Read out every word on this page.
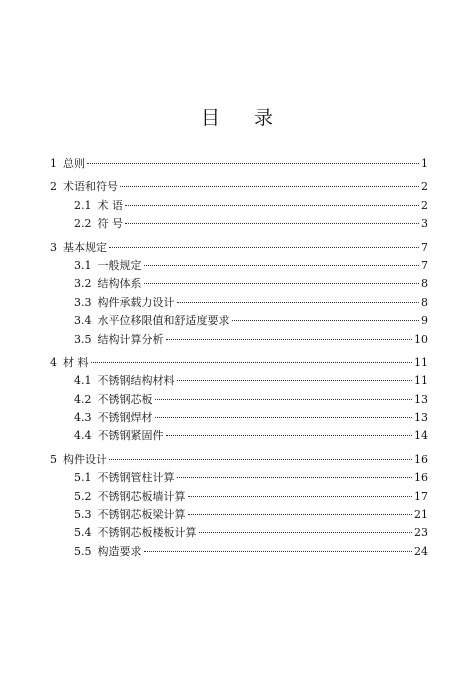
目 录
1 总则	1
2 术语和符号	2
2.1 术 语	2
2.2 符 号	3
3 基本规定	7
3.1 一般规定	7
3.2 结构体系	8
3.3 构件承载力设计	8
3.4 水平位移限值和舒适度要求	9
3.5 结构计算分析	10
4 材 料	11
4.1 不锈钢结构材料	11
4.2 不锈钢芯板	13
4.3 不锈钢焊材	13
4.4 不锈钢紧固件	14
5 构件设计	16
5.1 不锈钢管柱计算	16
5.2 不锈钢芯板墙计算	17
5.3 不锈钢芯板梁计算	21
5.4 不锈钢芯板楼板计算	23
5.5 构造要求	24
